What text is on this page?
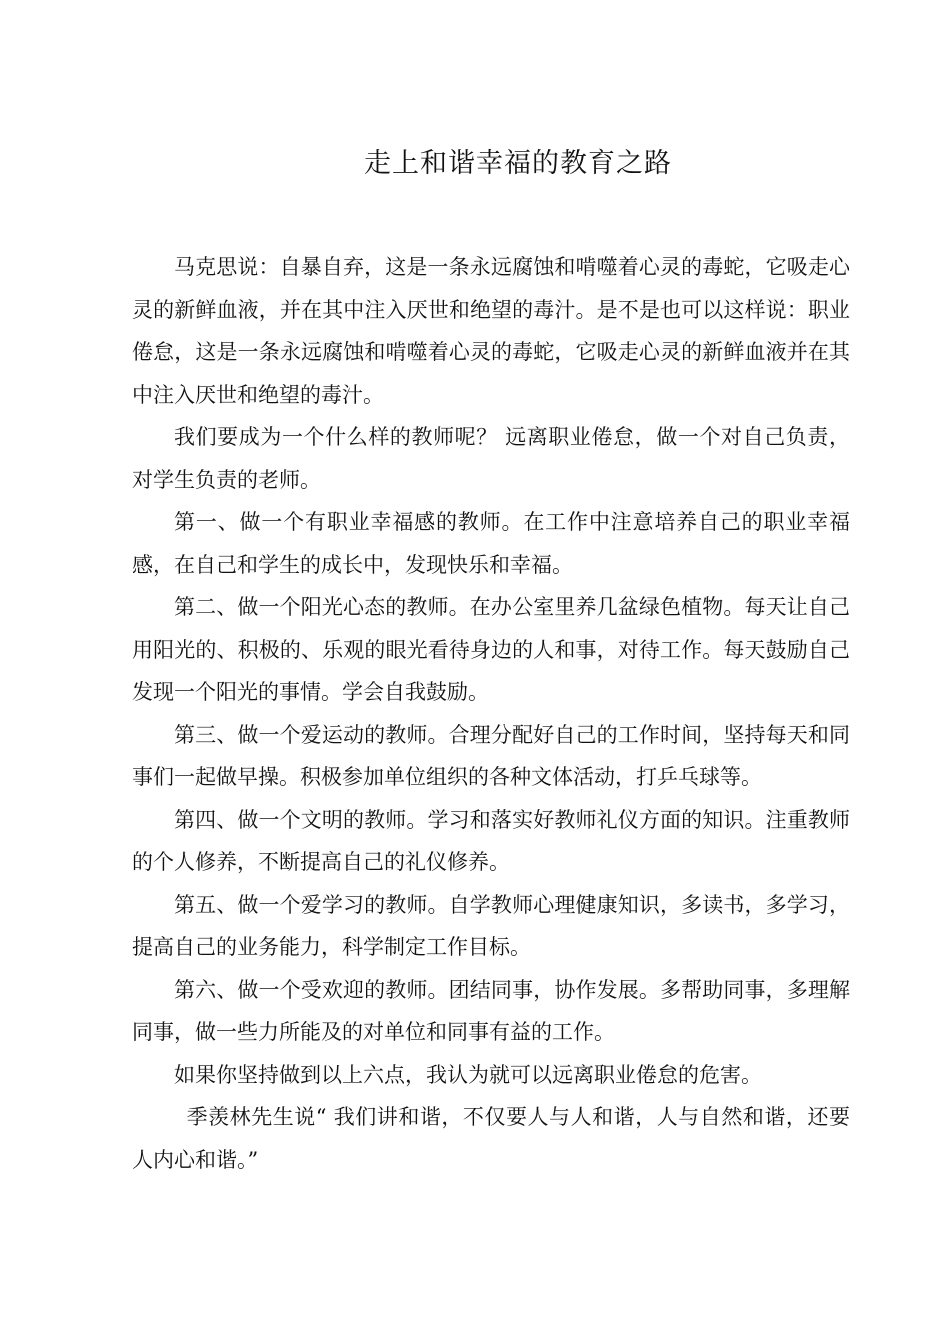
走上和谐幸福的教育之路

马克思说：自暴自弃，这是一条永远腐蚀和啃噬着心灵的毒蛇，它吸走心灵的新鲜血液，并在其中注入厌世和绝望的毒汁。是不是也可以这样说：职业倦怠，这是一条永远腐蚀和啃噬着心灵的毒蛇，它吸走心灵的新鲜血液并在其中注入厌世和绝望的毒汁。

我们要成为一个什么样的教师呢？ 远离职业倦怠，做一个对自己负责，对学生负责的老师。

第一、做一个有职业幸福感的教师。在工作中注意培养自己的职业幸福感，在自己和学生的成长中，发现快乐和幸福。

第二、做一个阳光心态的教师。在办公室里养几盆绿色植物。每天让自己用阳光的、积极的、乐观的眼光看待身边的人和事，对待工作。每天鼓励自己发现一个阳光的事情。学会自我鼓励。

第三、做一个爱运动的教师。合理分配好自己的工作时间，坚持每天和同事们一起做早操。积极参加单位组织的各种文体活动，打乒乓球等。

第四、做一个文明的教师。学习和落实好教师礼仪方面的知识。注重教师的个人修养，不断提高自己的礼仪修养。

第五、做一个爱学习的教师。自学教师心理健康知识，多读书，多学习，提高自己的业务能力，科学制定工作目标。

第六、做一个受欢迎的教师。团结同事，协作发展。多帮助同事，多理解同事，做一些力所能及的对单位和同事有益的工作。

如果你坚持做到以上六点，我认为就可以远离职业倦怠的危害。

季羡林先生说“ 我们讲和谐，不仅要人与人和谐，人与自然和谐，还要人内心和谐。”
